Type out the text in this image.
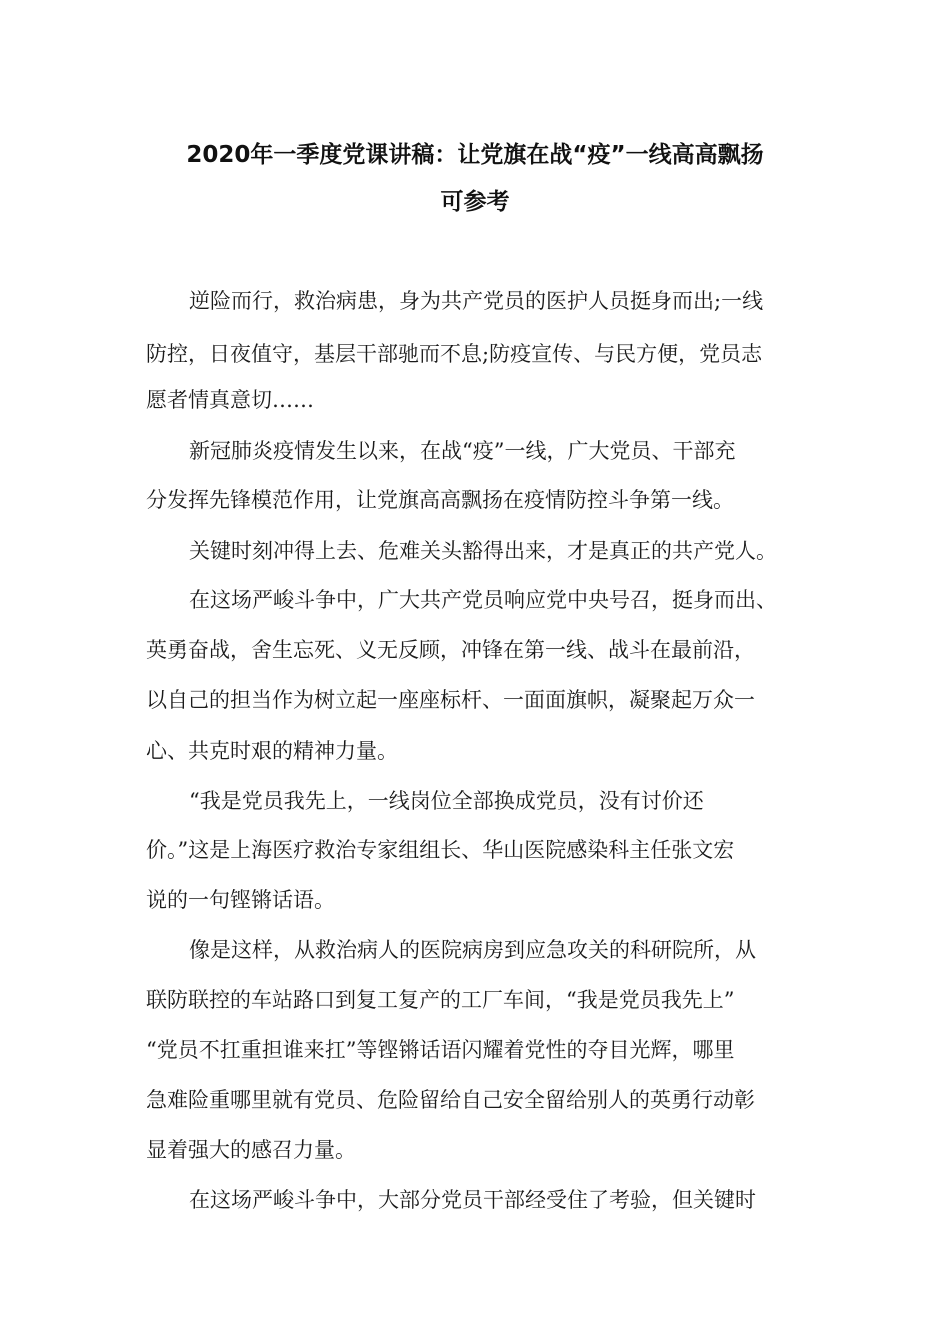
2020年一季度党课讲稿：让党旗在战“疫”一线高高飘扬
可参考
逆险而行，救治病患，身为共产党员的医护人员挺身而出;一线
防控，日夜值守，基层干部驰而不息;防疫宣传、与民方便，党员志
愿者情真意切……
新冠肺炎疫情发生以来，在战“疫”一线，广大党员、干部充
分发挥先锋模范作用，让党旗高高飘扬在疫情防控斗争第一线。
关键时刻冲得上去、危难关头豁得出来，才是真正的共产党人。
在这场严峻斗争中，广大共产党员响应党中央号召，挺身而出、
英勇奋战，舍生忘死、义无反顾，冲锋在第一线、战斗在最前沿，
以自己的担当作为树立起一座座标杆、一面面旗帜，凝聚起万众一
心、共克时艰的精神力量。
“我是党员我先上，一线岗位全部换成党员，没有讨价还
价。”这是上海医疗救治专家组组长、华山医院感染科主任张文宏
说的一句铿锵话语。
像是这样，从救治病人的医院病房到应急攻关的科研院所，从
联防联控的车站路口到复工复产的工厂车间，“我是党员我先上”
“党员不扛重担谁来扛”等铿锵话语闪耀着党性的夺目光辉，哪里
急难险重哪里就有党员、危险留给自己安全留给别人的英勇行动彰
显着强大的感召力量。
在这场严峻斗争中，大部分党员干部经受住了考验，但关键时
